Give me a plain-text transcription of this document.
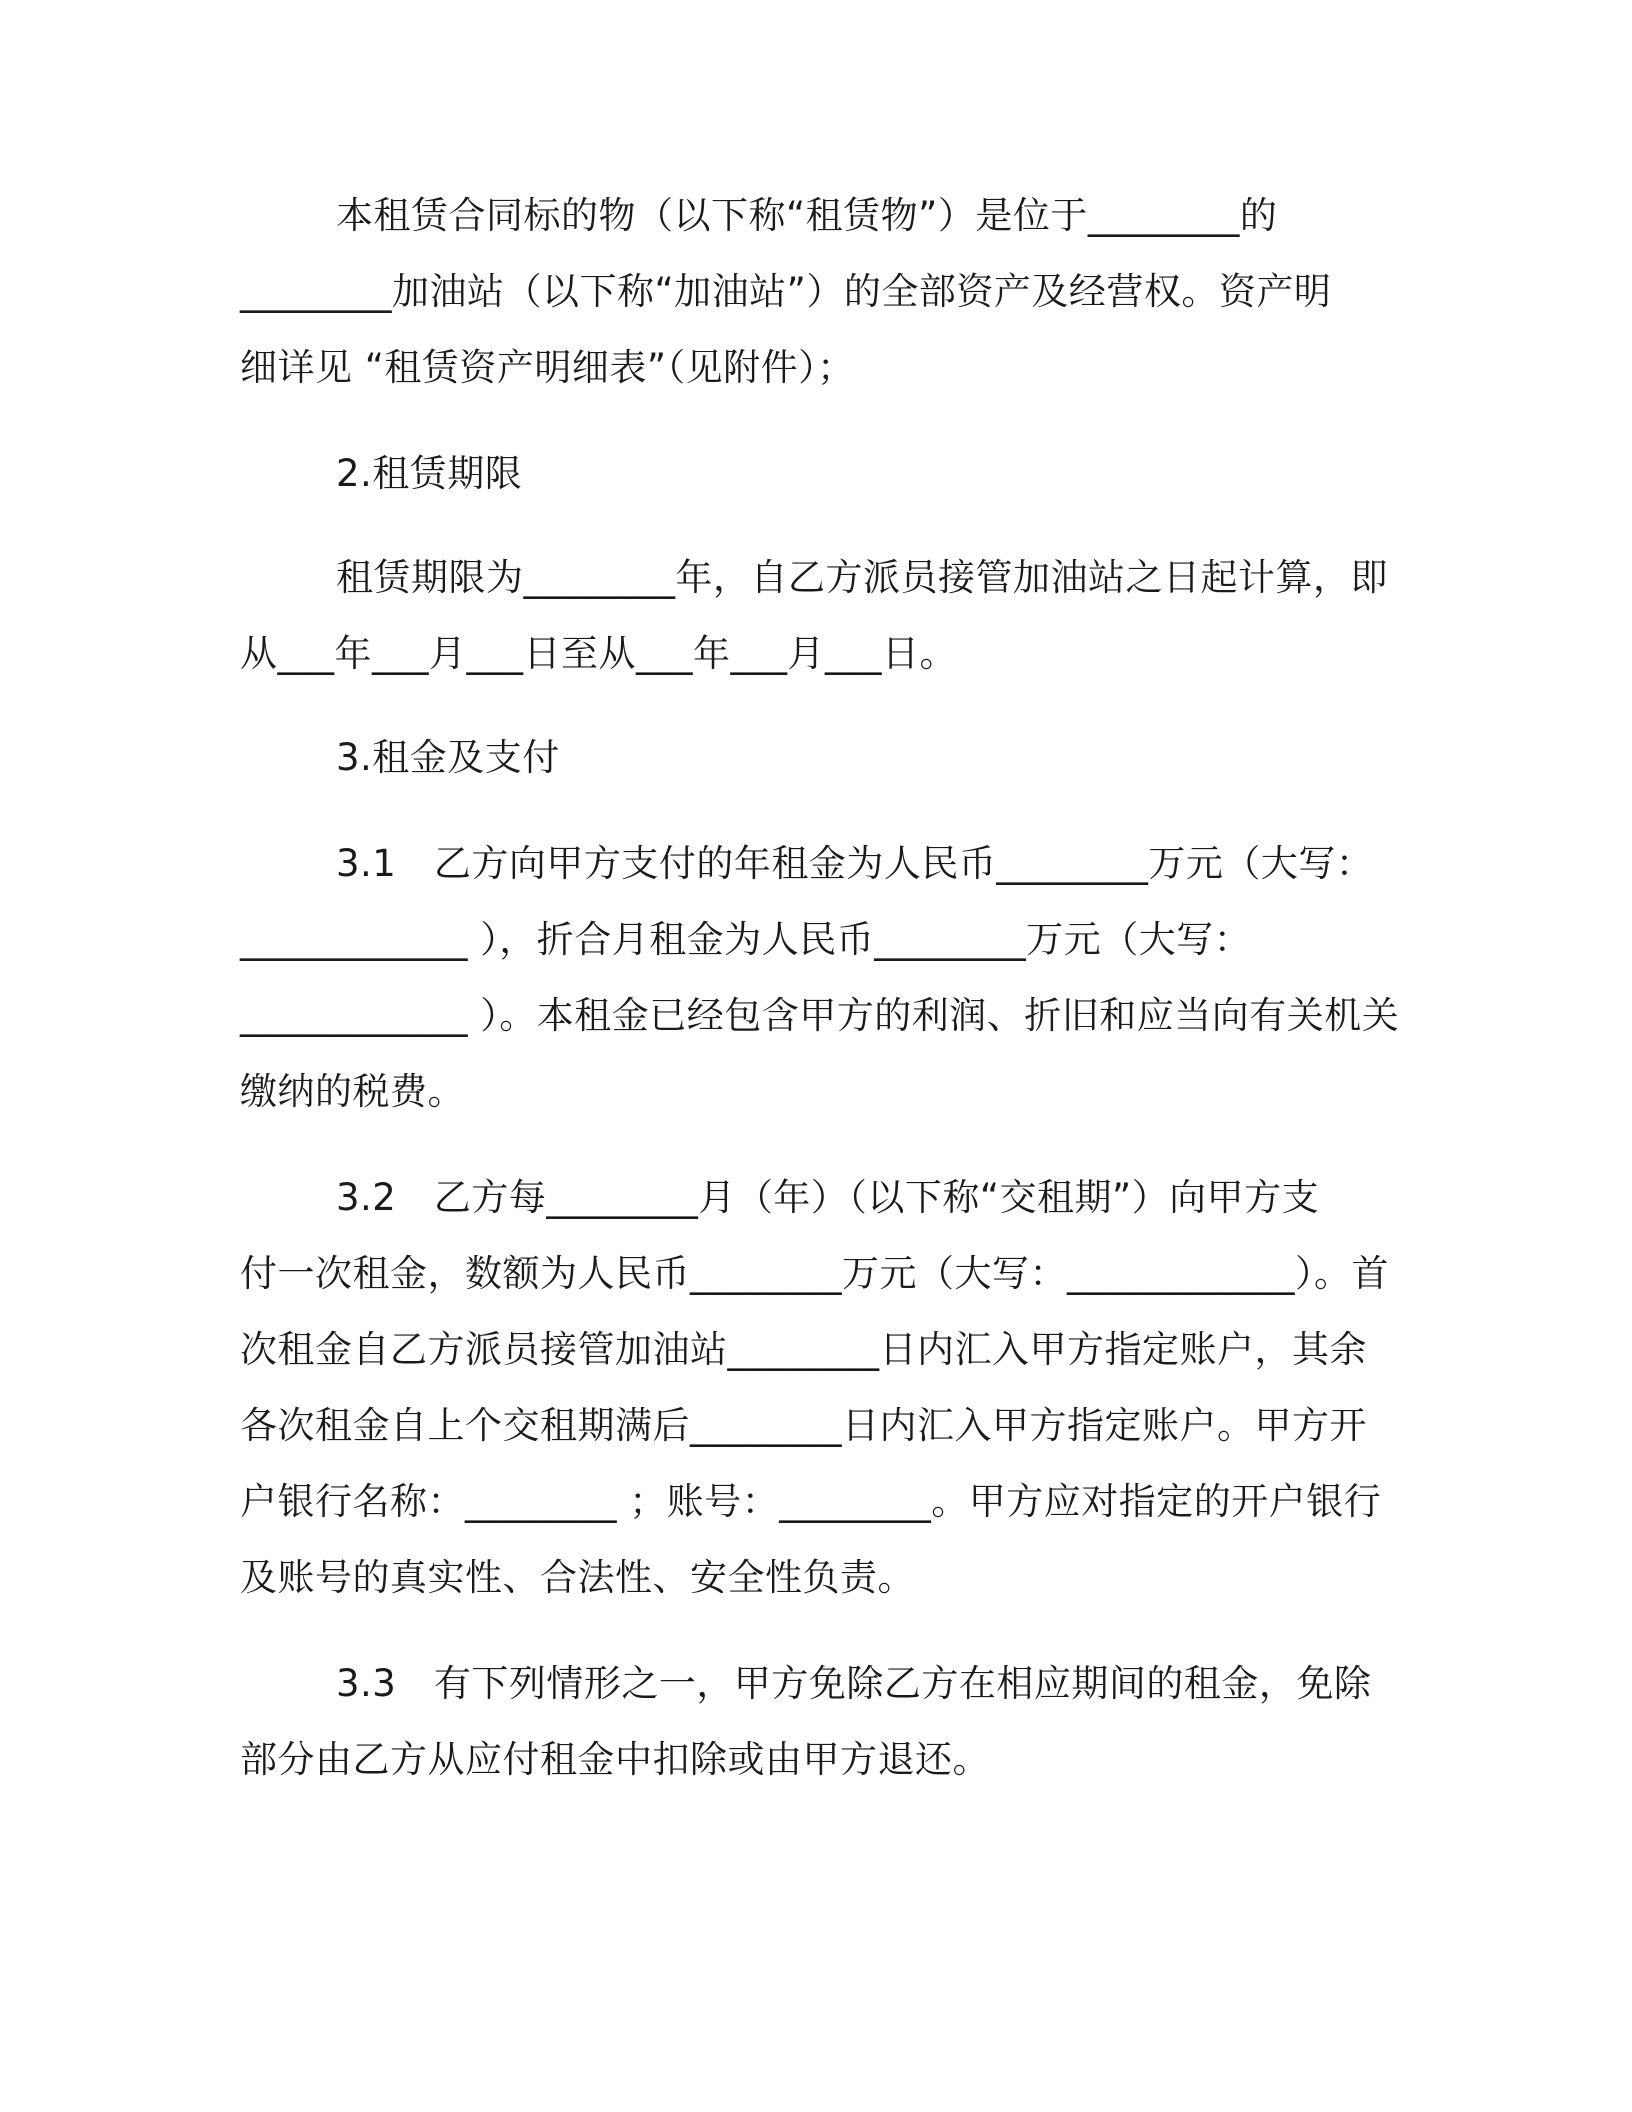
本租赁合同标的物（以下称“租赁物”）是位于________的
________加油站（以下称“加油站”）的全部资产及经营权。资产明
细详见 “租赁资产明细表”（见附件）；
2.租赁期限
租赁期限为________年，自乙方派员接管加油站之日起计算，即
从___年___月___日至从___年___月___日。
3.租金及支付
3.1　乙方向甲方支付的年租金为人民币________万元（大写：
____________ ），折合月租金为人民币________万元（大写：
____________ ）。本租金已经包含甲方的利润、折旧和应当向有关机关
缴纳的税费。
3.2　乙方每________月（年）（以下称“交租期”）向甲方支
付一次租金，数额为人民币________万元（大写：____________）。首
次租金自乙方派员接管加油站________日内汇入甲方指定账户，其余
各次租金自上个交租期满后________日内汇入甲方指定账户。甲方开
户银行名称：________ ；账号：________。甲方应对指定的开户银行
及账号的真实性、合法性、安全性负责。
3.3　有下列情形之一，甲方免除乙方在相应期间的租金，免除
部分由乙方从应付租金中扣除或由甲方退还。
